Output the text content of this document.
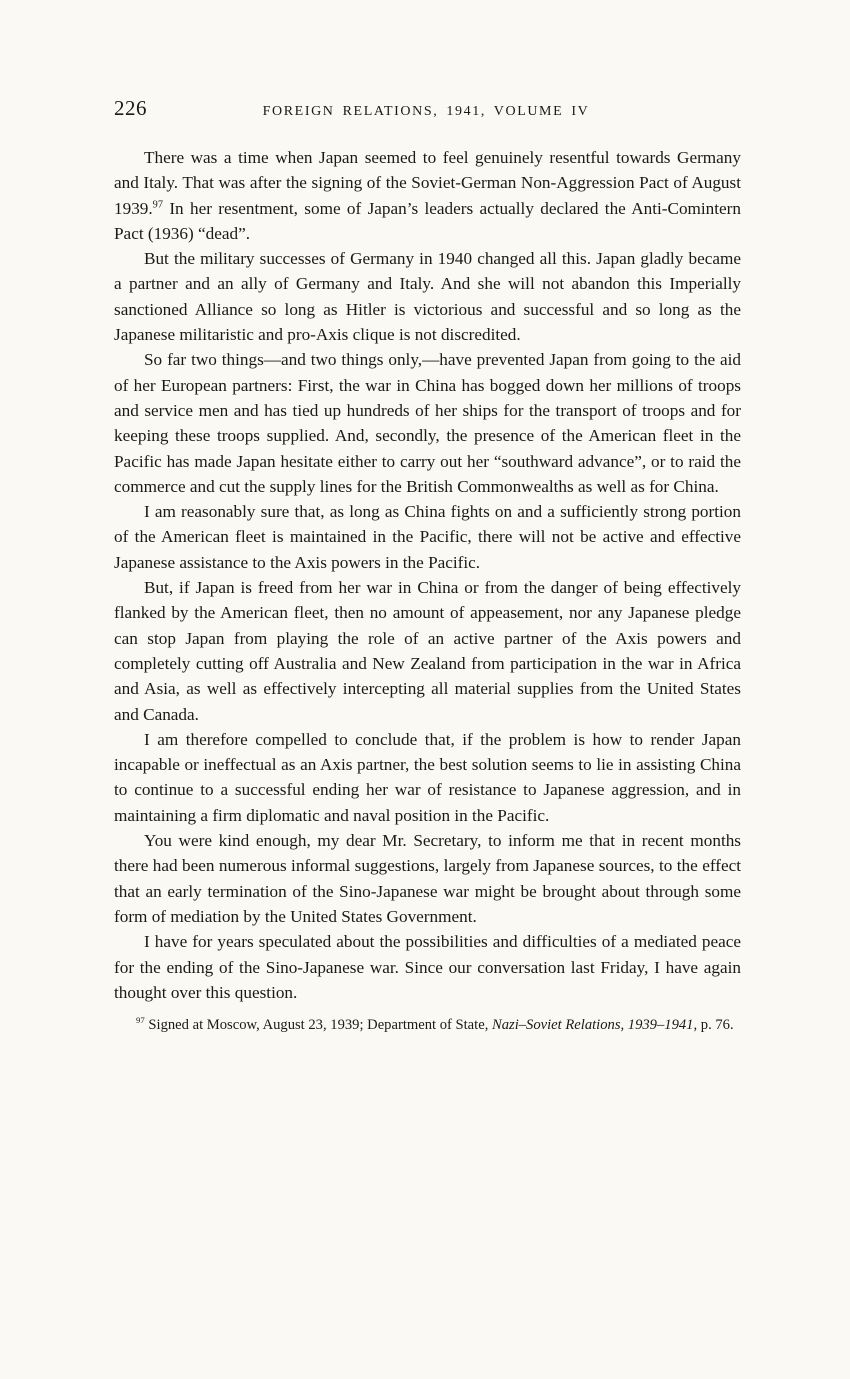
226	FOREIGN RELATIONS, 1941, VOLUME IV

There was a time when Japan seemed to feel genuinely resentful towards Germany and Italy. That was after the signing of the Soviet-German Non-Aggression Pact of August 1939.97 In her resentment, some of Japan’s leaders actually declared the Anti-Comintern Pact (1936) “dead”.

But the military successes of Germany in 1940 changed all this. Japan gladly became a partner and an ally of Germany and Italy. And she will not abandon this Imperially sanctioned Alliance so long as Hitler is victorious and successful and so long as the Japanese militaristic and pro-Axis clique is not discredited.

So far two things—and two things only,—have prevented Japan from going to the aid of her European partners: First, the war in China has bogged down her millions of troops and service men and has tied up hundreds of her ships for the transport of troops and for keeping these troops supplied. And, secondly, the presence of the American fleet in the Pacific has made Japan hesitate either to carry out her “southward advance”, or to raid the commerce and cut the supply lines for the British Commonwealths as well as for China.

I am reasonably sure that, as long as China fights on and a sufficiently strong portion of the American fleet is maintained in the Pacific, there will not be active and effective Japanese assistance to the Axis powers in the Pacific.

But, if Japan is freed from her war in China or from the danger of being effectively flanked by the American fleet, then no amount of appeasement, nor any Japanese pledge can stop Japan from playing the role of an active partner of the Axis powers and completely cutting off Australia and New Zealand from participation in the war in Africa and Asia, as well as effectively intercepting all material supplies from the United States and Canada.

I am therefore compelled to conclude that, if the problem is how to render Japan incapable or ineffectual as an Axis partner, the best solution seems to lie in assisting China to continue to a successful ending her war of resistance to Japanese aggression, and in maintaining a firm diplomatic and naval position in the Pacific.

You were kind enough, my dear Mr. Secretary, to inform me that in recent months there had been numerous informal suggestions, largely from Japanese sources, to the effect that an early termination of the Sino-Japanese war might be brought about through some form of mediation by the United States Government.

I have for years speculated about the possibilities and difficulties of a mediated peace for the ending of the Sino-Japanese war. Since our conversation last Friday, I have again thought over this question.

$^{97}$ Signed at Moscow, August 23, 1939; Department of State, Nazi–Soviet Relations, 1939–1941, p. 76.
